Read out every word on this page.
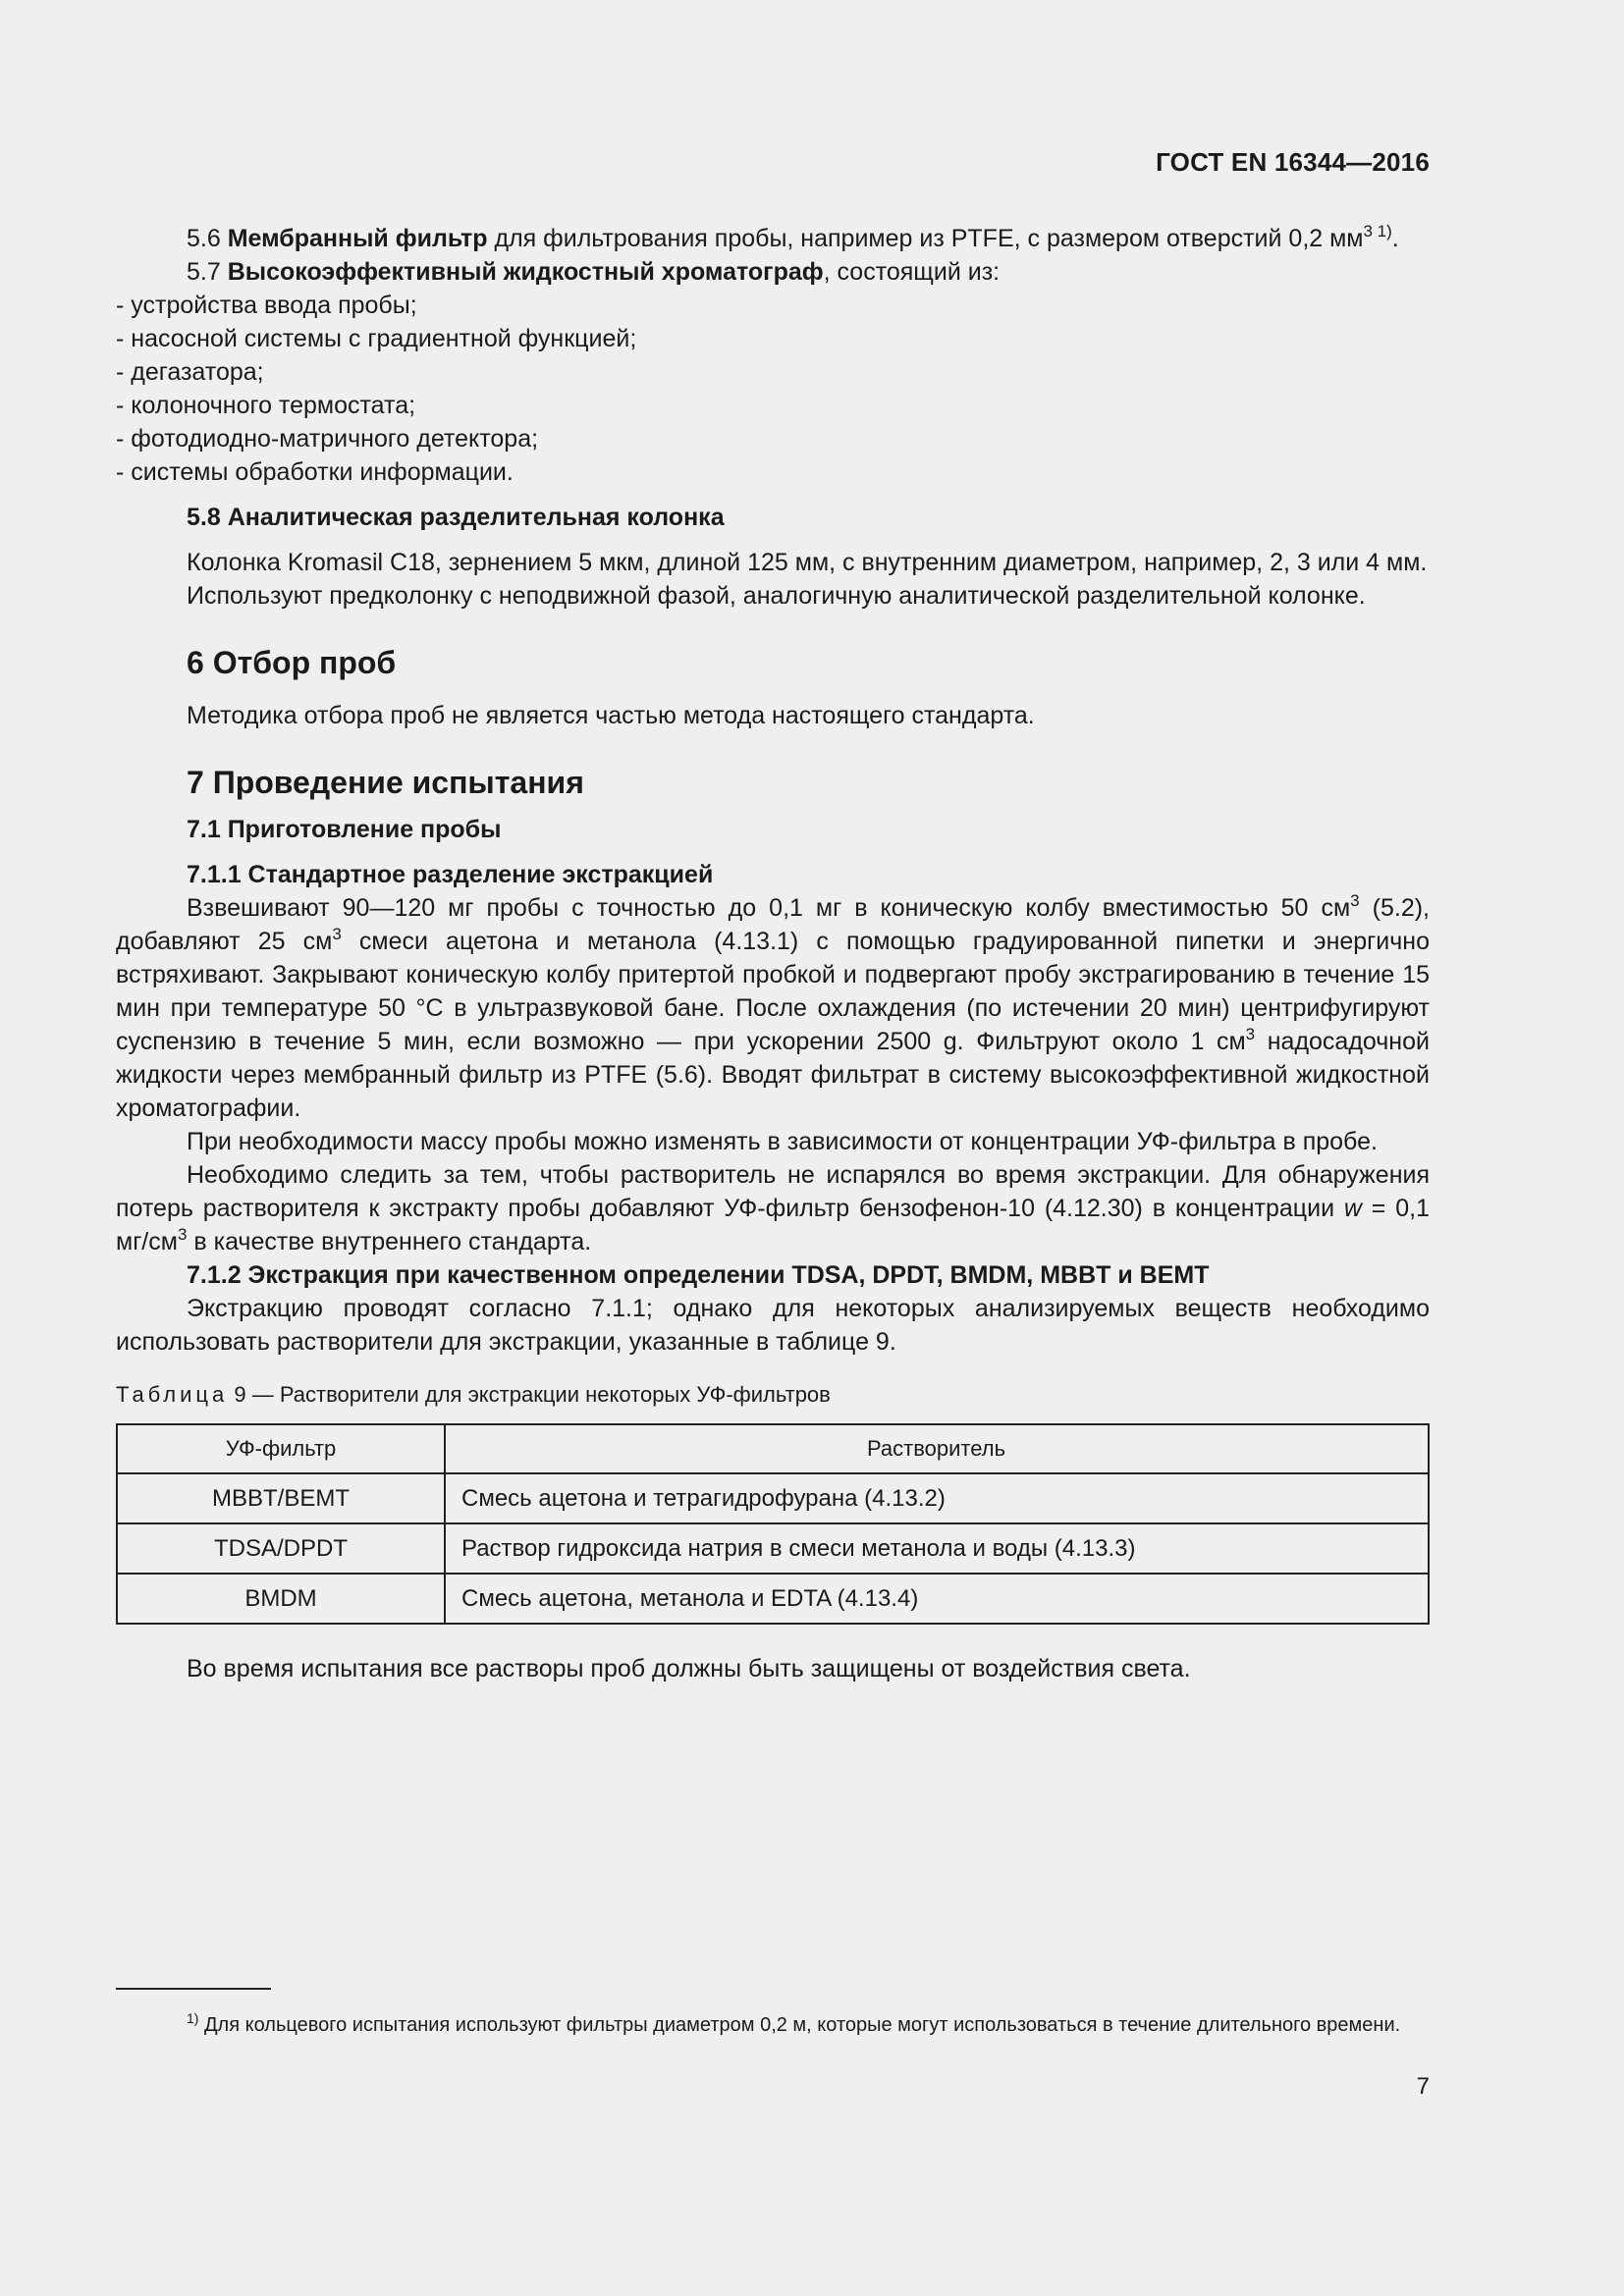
ГОСТ EN 16344—2016

5.6 Мембранный фильтр для фильтрования пробы, например из PTFE, с размером отверстий 0,2 $мм^{3 1)}$.

5.7 Высокоэффективный жидкостный хроматограф, состоящий из:

- устройства ввода пробы;
- насосной системы с градиентной функцией;
- дегазатора;
- колоночного термостата;
- фотодиодно-матричного детектора;
- системы обработки информации.

5.8 Аналитическая разделительная колонка

Колонка Kromasil C18, зернением 5 мкм, длиной 125 мм, с внутренним диаметром, например, 2, 3 или 4 мм.

Используют предколонку с неподвижной фазой, аналогичную аналитической разделительной колонке.

6 Отбор проб

Методика отбора проб не является частью метода настоящего стандарта.

7 Проведение испытания

7.1 Приготовление пробы

7.1.1 Стандартное разделение экстракцией

Взвешивают 90—120 мг пробы с точностью до 0,1 мг в коническую колбу вместимостью 50 $см^3$ (5.2), добавляют 25 $см^3$ смеси ацетона и метанола (4.13.1) с помощью градуированной пипетки и энергично встряхивают. Закрывают коническую колбу притертой пробкой и подвергают пробу экстрагированию в течение 15 мин при температуре 50 °С в ультразвуковой бане. После охлаждения (по истечении 20 мин) центрифугируют суспензию в течение 5 мин, если возможно — при ускорении 2500 g. Фильтруют около 1 $см^3$ надосадочной жидкости через мембранный фильтр из PTFE (5.6). Вводят фильтрат в систему высокоэффективной жидкостной хроматографии.

При необходимости массу пробы можно изменять в зависимости от концентрации УФ-фильтра в пробе.

Необходимо следить за тем, чтобы растворитель не испарялся во время экстракции. Для обнаружения потерь растворителя к экстракту пробы добавляют УФ-фильтр бензофенон-10 (4.12.30) в концентрации w = 0,1 $мг/см^3$ в качестве внутреннего стандарта.

7.1.2 Экстракция при качественном определении TDSA, DPDT, BMDM, MBBT и BEMT

Экстракцию проводят согласно 7.1.1; однако для некоторых анализируемых веществ необходимо использовать растворители для экстракции, указанные в таблице 9.

Таблица 9 — Растворители для экстракции некоторых УФ-фильтров

УФ-фильтр	Растворитель
MBBT/BEMT	Смесь ацетона и тетрагидрофурана (4.13.2)
TDSA/DPDT	Раствор гидроксида натрия в смеси метанола и воды (4.13.3)
BMDM	Смесь ацетона, метанола и EDTA (4.13.4)

Во время испытания все растворы проб должны быть защищены от воздействия света.

$^{1)}$ Для кольцевого испытания используют фильтры диаметром 0,2 м, которые могут использоваться в течение длительного времени.
7
